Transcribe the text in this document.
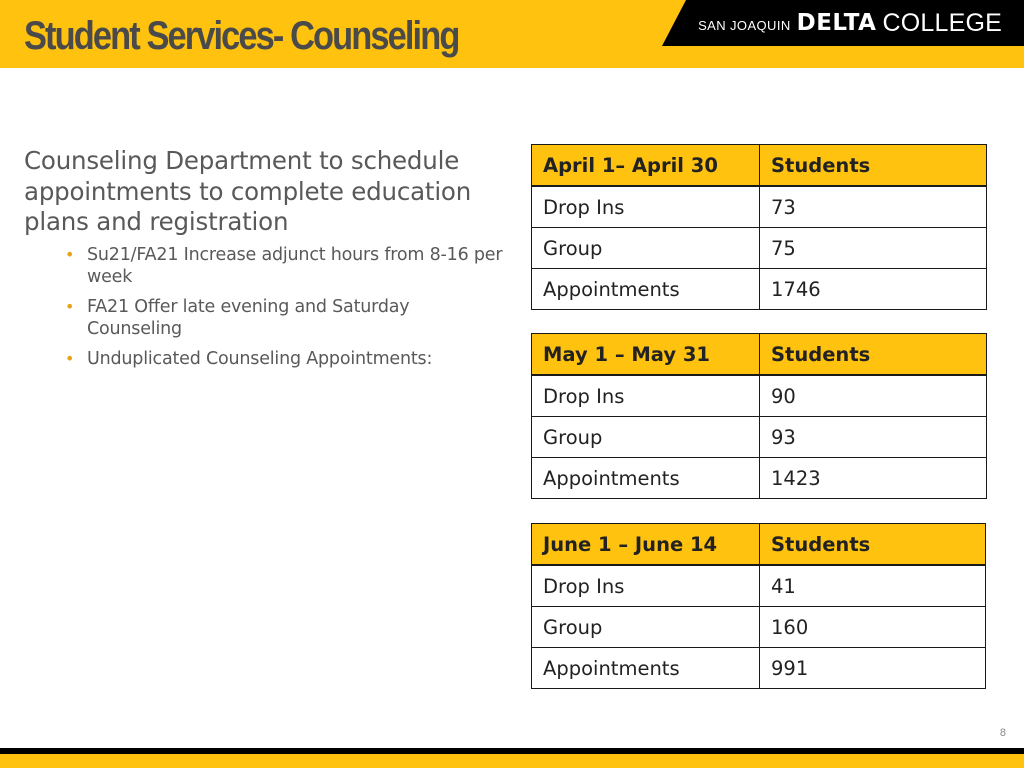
Student Services- Counseling	SAN JOAQUIN DELTA COLLEGE
Counseling Department to schedule appointments to complete education plans and registration
• Su21/FA21 Increase adjunct hours from 8-16 per week
• FA21 Offer late evening and Saturday Counseling
• Unduplicated Counseling Appointments:
April 1– April 30	Students
Drop Ins	73
Group	75
Appointments	1746
May 1 – May 31	Students
Drop Ins	90
Group	93
Appointments	1423
June 1 – June 14	Students
Drop Ins	41
Group	160
Appointments	991
8
